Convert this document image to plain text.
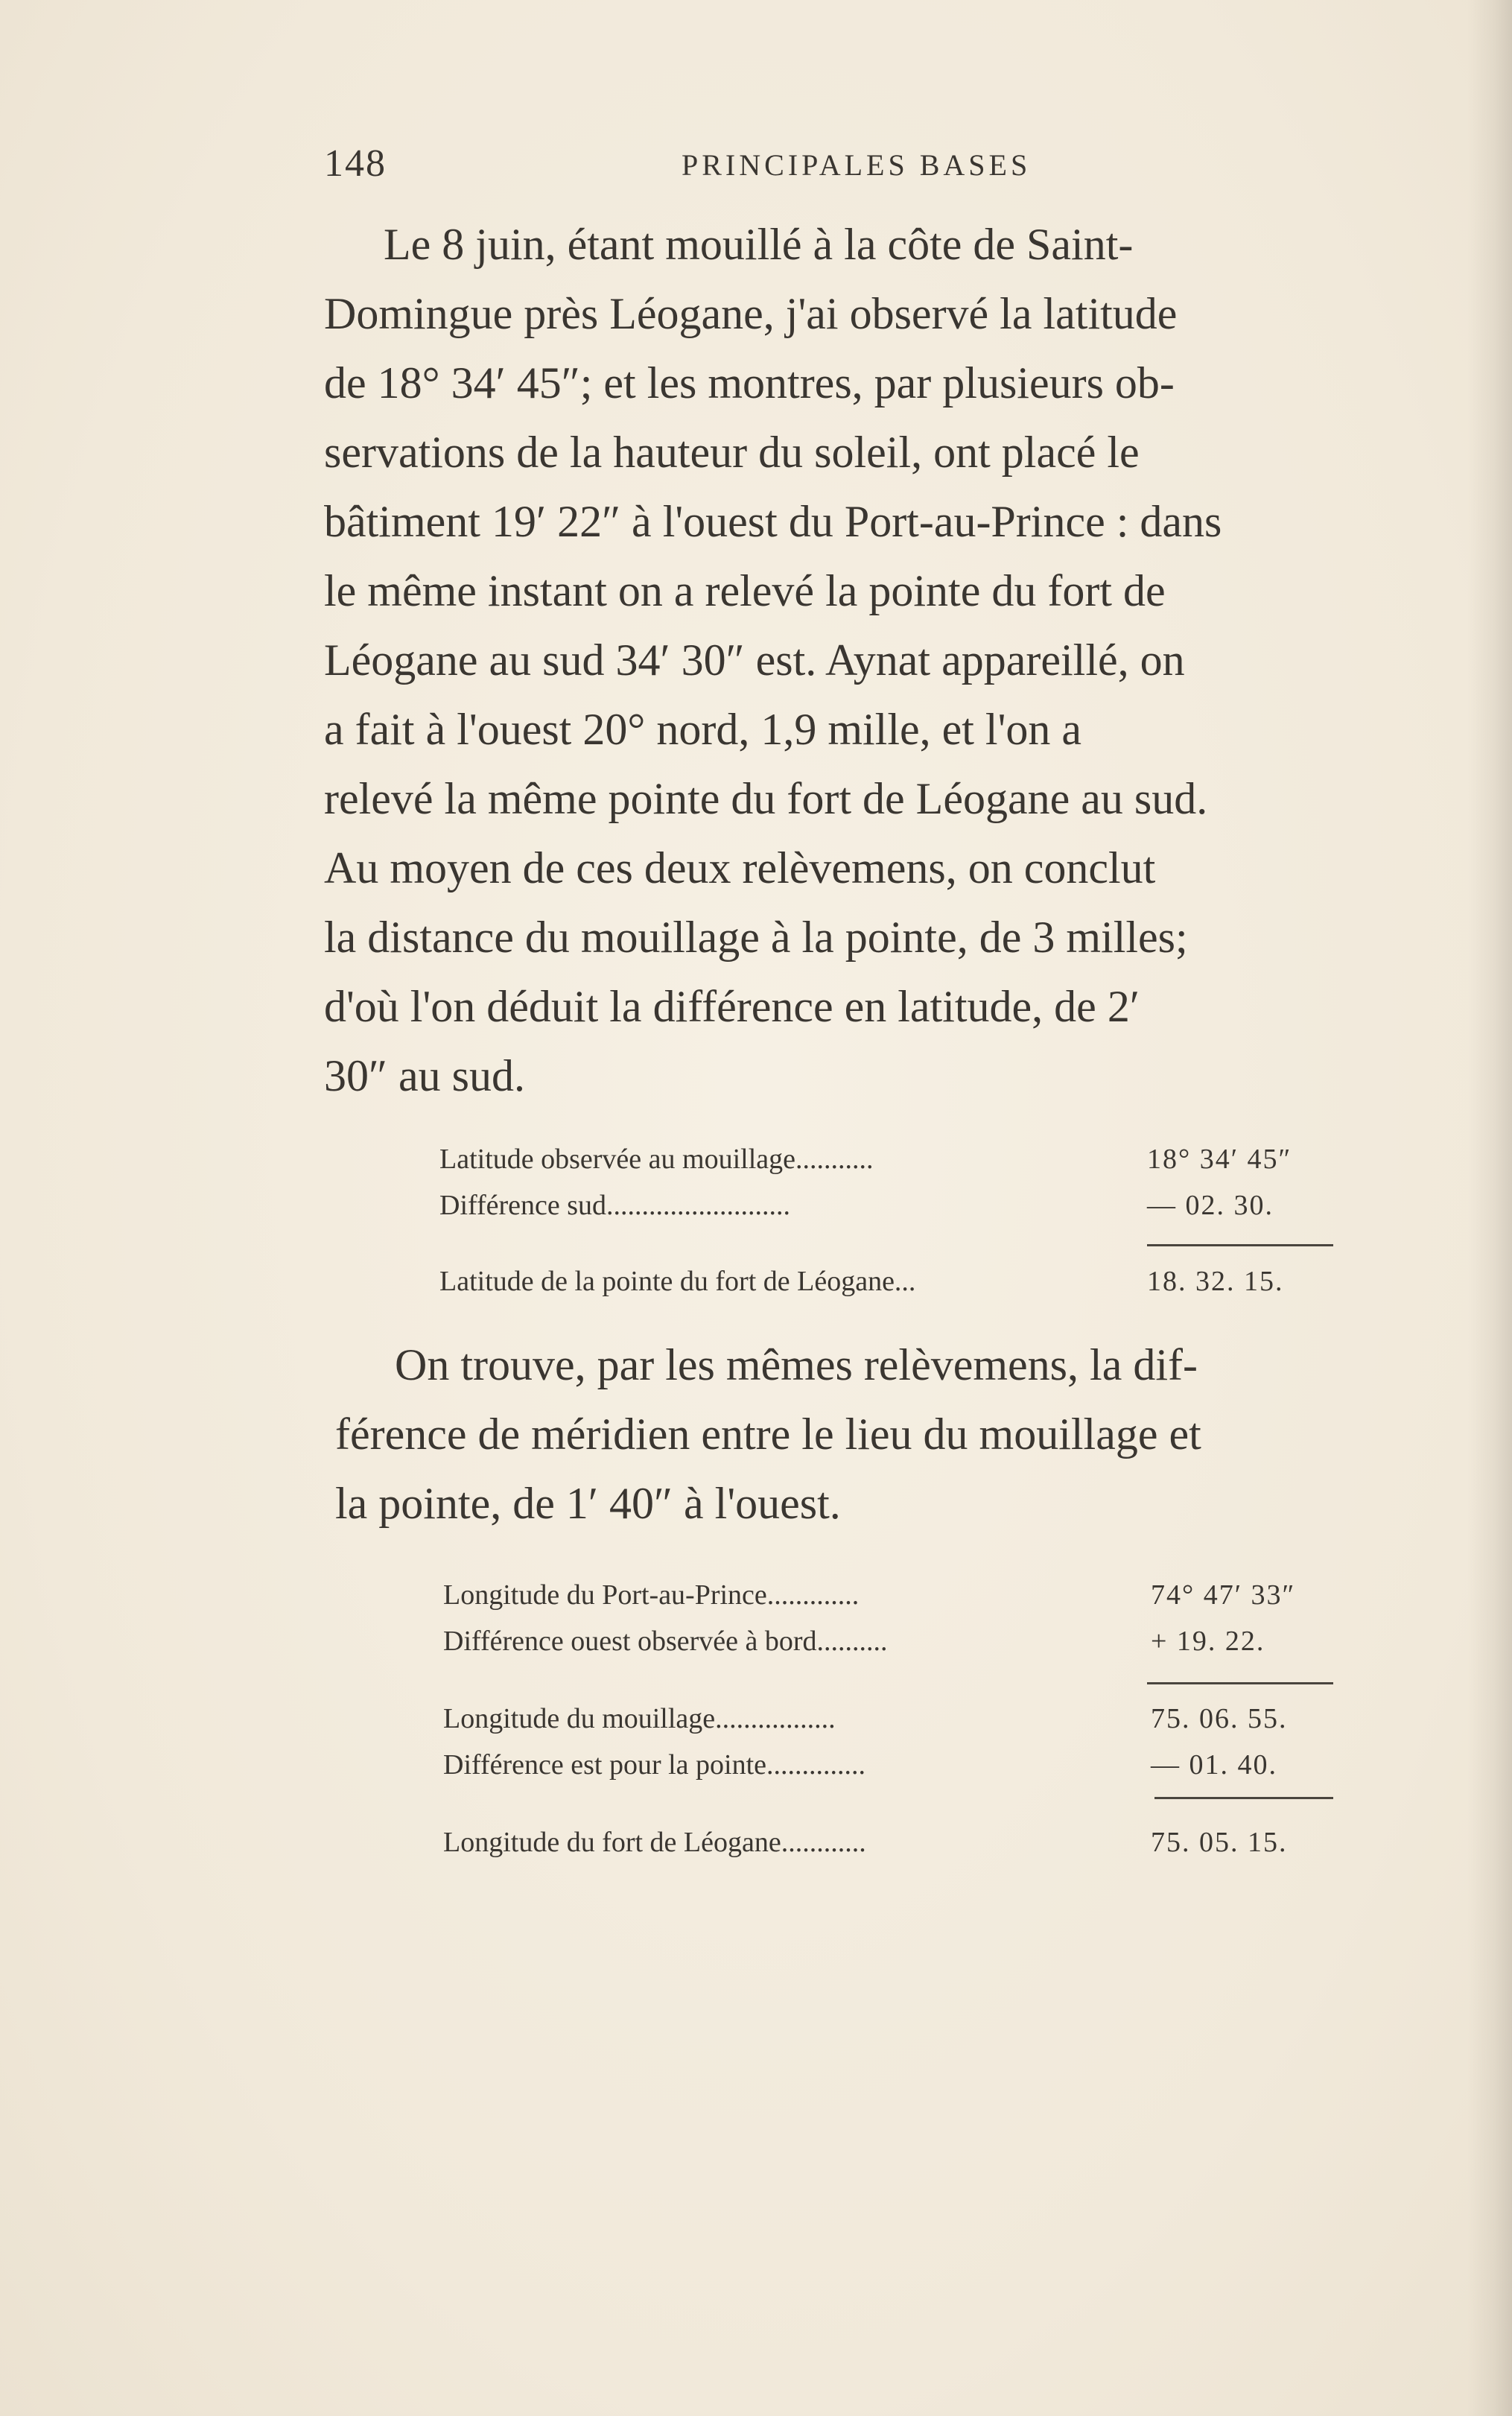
148	PRINCIPALES BASES
Le 8 juin, étant mouillé à la côte de Saint-
Domingue près Léogane, j'ai observé la latitude
de 18° 34′ 45″; et les montres, par plusieurs ob-
servations de la hauteur du soleil, ont placé le
bâtiment 19′ 22″ à l'ouest du Port-au-Prince : dans
le même instant on a relevé la pointe du fort de
Léogane au sud 34′ 30″ est. Aynat appareillé, on
a fait à l'ouest 20° nord, 1,9 mille, et l'on a
relevé la même pointe du fort de Léogane au sud.
Au moyen de ces deux relèvemens, on conclut
la distance du mouillage à la pointe, de 3 milles;
d'où l'on déduit la différence en latitude, de 2′
30″ au sud.
Latitude observée au mouillage...........	18° 34′ 45″
Différence sud..........................	— 02. 30.
Latitude de la pointe du fort de Léogane...	18. 32. 15.
On trouve, par les mêmes relèvemens, la dif-
férence de méridien entre le lieu du mouillage et
la pointe, de 1′ 40″ à l'ouest.
Longitude du Port-au-Prince.............	74° 47′ 33″
Différence ouest observée à bord..........	+ 19. 22.
Longitude du mouillage.................	75. 06. 55.
Différence est pour la pointe..............	— 01. 40.
Longitude du fort de Léogane............	75. 05. 15.
